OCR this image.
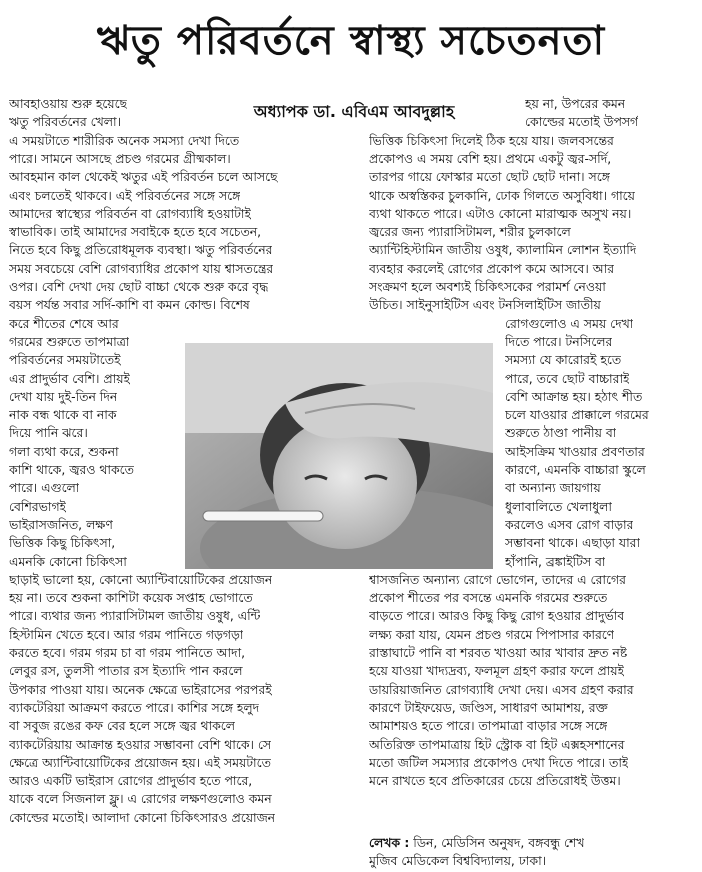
ঋতু পরিবর্তনে স্বাস্থ্য সচেতনতা
আবহাওয়ায় শুরু হয়েছে
ঋতু পরিবর্তনের খেলা।
এ সময়টাতে শারীরিক অনেক সমস্যা দেখা দিতে
পারে। সামনে আসছে প্রচণ্ড গরমের গ্রীষ্মকাল।
আবহমান কাল থেকেই ঋতুর এই পরিবর্তন চলে আসছে
এবং চলতেই থাকবে। এই পরিবর্তনের সঙ্গে সঙ্গে
আমাদের স্বাস্থ্যের পরিবর্তন বা রোগব্যাধি হওয়াটাই
স্বাভাবিক। তাই আমাদের সবাইকে হতে হবে সচেতন,
নিতে হবে কিছু প্রতিরোধমূলক ব্যবস্থা। ঋতু পরিবর্তনের
সময় সবচেয়ে বেশি রোগব্যাধির প্রকোপ যায় শ্বাসতন্ত্রের
ওপর। বেশি দেখা দেয় ছোট বাচ্চা থেকে শুরু করে বৃদ্ধ
বয়স পর্যন্ত সবার সর্দি-কাশি বা কমন কোল্ড। বিশেষ
করে শীতের শেষে আর
গরমের শুরুতে তাপমাত্রা
পরিবর্তনের সময়টাতেই
এর প্রাদুর্ভাব বেশি। প্রায়ই
দেখা যায় দুই-তিন দিন
নাক বন্ধ থাকে বা নাক
দিয়ে পানি ঝরে।
গলা ব্যথা করে, শুকনা
কাশি থাকে, জ্বরও থাকতে
পারে। এগুলো
বেশিরভাগই
ভাইরাসজনিত, লক্ষণ
ভিত্তিক কিছু চিকিৎসা,
এমনকি কোনো চিকিৎসা
ছাড়াই ভালো হয়, কোনো অ্যান্টিবায়োটিকের প্রয়োজন
হয় না। তবে শুকনা কাশিটা কয়েক সপ্তাহ ভোগাতে
পারে। ব্যথার জন্য প্যারাসিটামল জাতীয় ওষুধ, এন্টি
হিস্টামিন খেতে হবে। আর গরম পানিতে গড়গড়া
করতে হবে। গরম গরম চা বা গরম পানিতে আদা,
লেবুর রস, তুলসী পাতার রস ইত্যাদি পান করলে
উপকার পাওয়া যায়। অনেক ক্ষেত্রে ভাইরাসের পরপরই
ব্যাকটেরিয়া আক্রমণ করতে পারে। কাশির সঙ্গে হলুদ
বা সবুজ রঙের কফ বের হলে সঙ্গে জ্বর থাকলে
ব্যাকটেরিয়ায় আক্রান্ত হওয়ার সম্ভাবনা বেশি থাকে। সে
ক্ষেত্রে অ্যান্টিবায়োটিকের প্রয়োজন হয়। এই সময়টাতে
আরও একটি ভাইরাস রোগের প্রাদুর্ভাব হতে পারে,
যাকে বলে সিজনাল ফ্লু। এ রোগের লক্ষণগুলোও কমন
কোল্ডের মতোই। আলাদা কোনো চিকিৎসারও প্রয়োজন
হয় না, উপরের কমন
কোল্ডের মতোই উপসর্গ
ভিত্তিক চিকিৎসা দিলেই ঠিক হয়ে যায়। জলবসন্তের
প্রকোপও এ সময় বেশি হয়। প্রথমে একটু জ্বর-সর্দি,
তারপর গায়ে ফোস্কার মতো ছোট ছোট দানা। সঙ্গে
থাকে অস্বস্তিকর চুলকানি, ঢোক গিলতে অসুবিধা। গায়ে
ব্যথা থাকতে পারে। এটাও কোনো মারাত্মক অসুখ নয়।
জ্বরের জন্য প্যারাসিটামল, শরীর চুলকালে
অ্যান্টিহিস্টামিন জাতীয় ওষুধ, ক্যালামিন লোশন ইত্যাদি
ব্যবহার করলেই রোগের প্রকোপ কমে আসবে। আর
সংক্রমণ হলে অবশ্যই চিকিৎসকের পরামর্শ নেওয়া
উচিত। সাইনুসাইটিস এবং টনসিলাইটিস জাতীয়
রোগগুলোও এ সময় দেখা
দিতে পারে। টনসিলের
সমস্যা যে কারোরই হতে
পারে, তবে ছোট বাচ্চারাই
বেশি আক্রান্ত হয়। হঠাৎ শীত
চলে যাওয়ার প্রাক্কালে গরমের
শুরুতে ঠাণ্ডা পানীয় বা
আইসক্রিম খাওয়ার প্রবণতার
কারণে, এমনকি বাচ্চারা স্কুলে
বা অন্যান্য জায়গায়
ধুলাবালিতে খেলাধুলা
করলেও এসব রোগ বাড়ার
সম্ভাবনা থাকে। এছাড়া যারা
হাঁপানি, ব্রঙ্কাইটিস বা
শ্বাসজনিত অন্যান্য রোগে ভোগেন, তাদের এ রোগের
প্রকোপ শীতের পর বসন্তে এমনকি গরমের শুরুতে
বাড়তে পারে। আরও কিছু কিছু রোগ হওয়ার প্রাদুর্ভাব
লক্ষ্য করা যায়, যেমন প্রচণ্ড গরমে পিপাসার কারণে
রাস্তাঘাটে পানি বা শরবত খাওয়া আর খাবার দ্রুত নষ্ট
হয়ে যাওয়া খাদ্যদ্রব্য, ফলমূল গ্রহণ করার ফলে প্রায়ই
ডায়রিয়াজনিত রোগব্যাধি দেখা দেয়। এসব গ্রহণ করার
কারণে টাইফয়েড, জণ্ডিস, সাধারণ আমাশয়, রক্ত
আমাশয়ও হতে পারে। তাপমাত্রা বাড়ার সঙ্গে সঙ্গে
অতিরিক্ত তাপমাত্রায় হিট স্ট্রোক বা হিট এক্সহসশানের
মতো জটিল সমস্যার প্রকোপও দেখা দিতে পারে। তাই
মনে রাখতে হবে প্রতিকারের চেয়ে প্রতিরোধই উত্তম।
অধ্যাপক ডা. এবিএম আবদুল্লাহ
লেখক : ডিন, মেডিসিন অনুষদ, বঙ্গবন্ধু শেখ
মুজিব মেডিকেল বিশ্ববিদ্যালয়, ঢাকা।
